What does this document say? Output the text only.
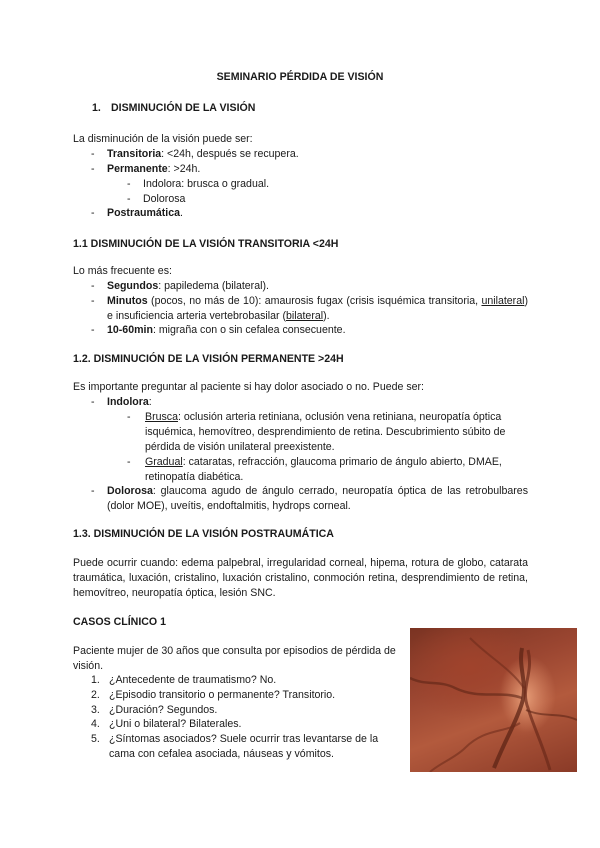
SEMINARIO PÉRDIDA DE VISIÓN
1. DISMINUCIÓN DE LA VISIÓN
La disminución de la visión puede ser:
- Transitoria: <24h, después se recupera.
- Permanente: >24h.
- Indolora: brusca o gradual.
- Dolorosa
- Postraumática.
1.1 DISMINUCIÓN DE LA VISIÓN TRANSITORIA <24H
Lo más frecuente es:
- Segundos: papiledema (bilateral).
-	Minutos (pocos, no más de 10): amaurosis fugax (crisis isquémica transitoria, unilateral) e insuficiencia arteria vertebrobasilar (bilateral).
- 10-60min: migraña con o sin cefalea consecuente.
1.2. DISMINUCIÓN DE LA VISIÓN PERMANENTE >24H
Es importante preguntar al paciente si hay dolor asociado o no. Puede ser:
- Indolora:
-	Brusca: oclusión arteria retiniana, oclusión vena retiniana, neuropatía óptica isquémica, hemovítreo, desprendimiento de retina. Descubrimiento súbito de pérdida de visión unilateral preexistente.
-	Gradual: cataratas, refracción, glaucoma primario de ángulo abierto, DMAE, retinopatía diabética.
-	Dolorosa: glaucoma agudo de ángulo cerrado, neuropatía óptica de las retrobulbares (dolor MOE), uveítis, endoftalmitis, hydrops corneal.
1.3. DISMINUCIÓN DE LA VISIÓN POSTRAUMÁTICA
Puede ocurrir cuando: edema palpebral, irregularidad corneal, hipema, rotura de globo, catarata traumática, luxación, cristalino, luxación cristalino, conmoción retina, desprendimiento de retina, hemovítreo, neuropatía óptica, lesión SNC.
CASOS CLÍNICO 1
Paciente mujer de 30 años que consulta por episodios de pérdida de visión.
1. ¿Antecedente de traumatismo? No.
2. ¿Episodio transitorio o permanente? Transitorio.
3. ¿Duración? Segundos.
4. ¿Uni o bilateral? Bilaterales.
5. ¿Síntomas asociados? Suele ocurrir tras levantarse de la cama con cefalea asociada, náuseas y vómitos.
